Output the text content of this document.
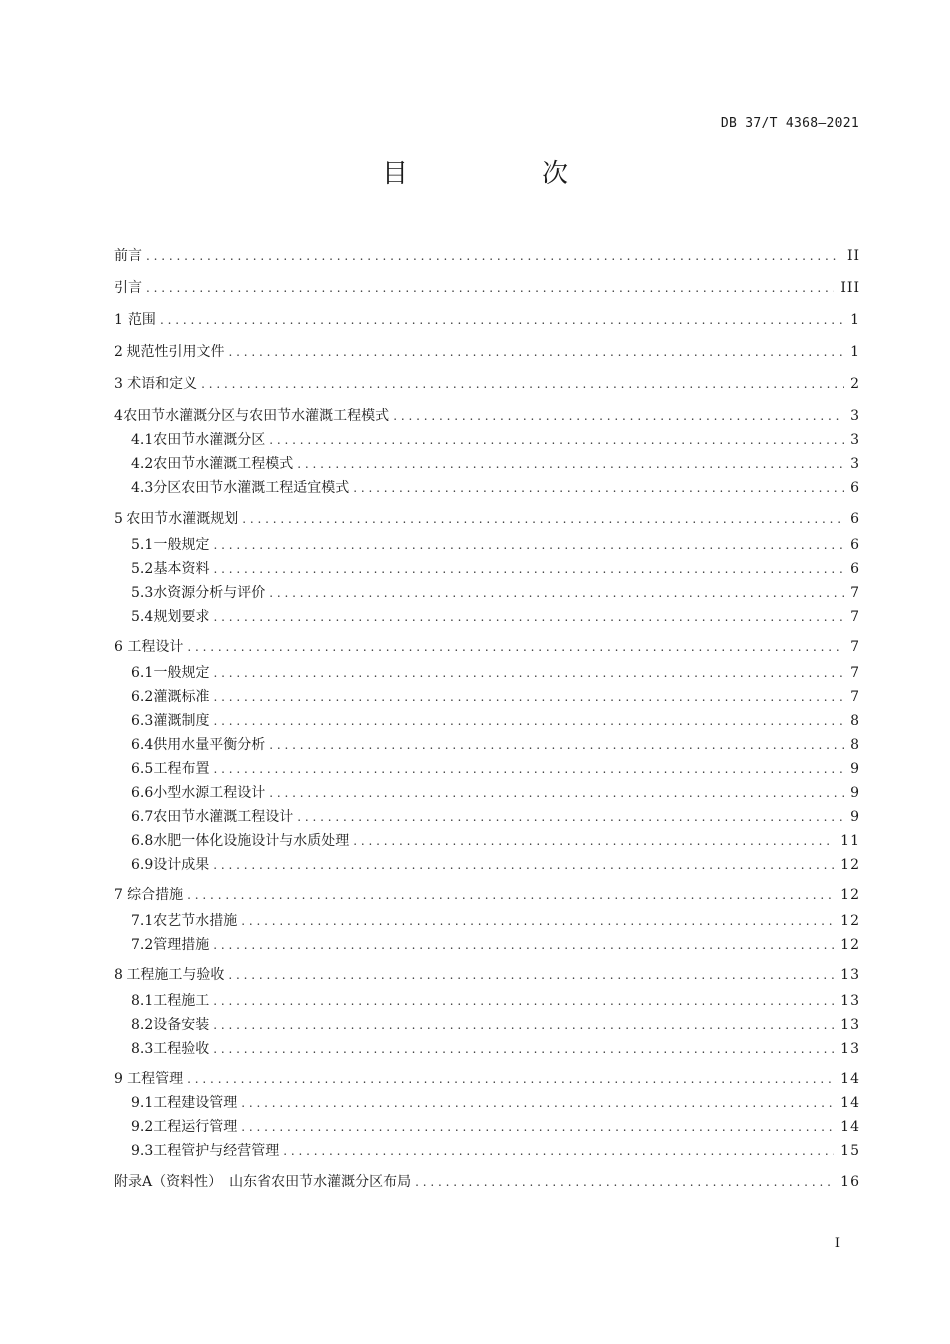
DB 37/T 4368—2021
目　次
前言 . . .	II
引言 . . .	III
1 范围 . . .	1
2 规范性引用文件 . . .	1
3 术语和定义 . . .	2
4 农田节水灌溉分区与农田节水灌溉工程模式 . . .	3
4.1 农田节水灌溉分区 . . .	3
4.2 农田节水灌溉工程模式 . . .	3
4.3 分区农田节水灌溉工程适宜模式 . . .	6
5 农田节水灌溉规划 . . .	6
5.1 一般规定 . . .	6
5.2 基本资料 . . .	6
5.3 水资源分析与评价 . . .	7
5.4 规划要求 . . .	7
6 工程设计 . . .	7
6.1 一般规定 . . .	7
6.2 灌溉标准 . . .	7
6.3 灌溉制度 . . .	8
6.4 供用水量平衡分析 . . .	8
6.5 工程布置 . . .	9
6.6 小型水源工程设计 . . .	9
6.7 农田节水灌溉工程设计 . . .	9
6.8 水肥一体化设施设计与水质处理 . . .	11
6.9 设计成果 . . .	12
7 综合措施 . . .	12
7.1 农艺节水措施 . . .	12
7.2 管理措施 . . .	12
8 工程施工与验收 . . .	13
8.1 工程施工 . . .	13
8.2 设备安装 . . .	13
8.3 工程验收 . . .	13
9 工程管理 . . .	14
9.1 工程建设管理 . . .	14
9.2 工程运行管理 . . .	14
9.3 工程管护与经营管理 . . .	15
附录A（资料性）　山东省农田节水灌溉分区布局 . . .	16
I
